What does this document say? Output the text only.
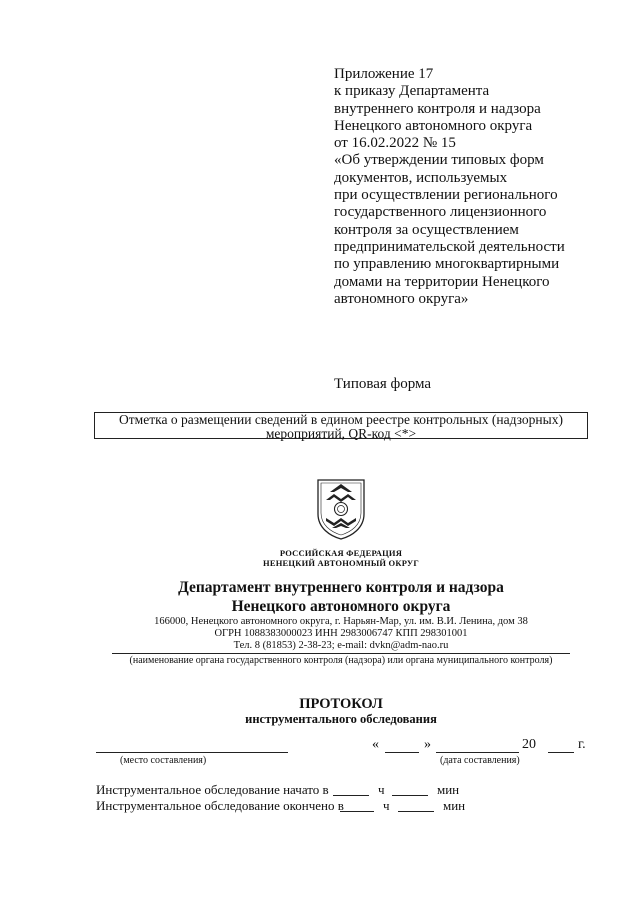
Приложение 17
к приказу Департамента
внутреннего контроля и надзора
Ненецкого автономного округа
от 16.02.2022 № 15
«Об утверждении типовых форм
документов, используемых
при осуществлении регионального
государственного лицензионного
контроля за осуществлением
предпринимательской деятельности
по управлению многоквартирными
домами на территории Ненецкого
автономного округа»
Типовая форма
Отметка о размещении сведений в едином реестре контрольных (надзорных)
мероприятий, QR-код <*>
РОССИЙСКАЯ ФЕДЕРАЦИЯ
НЕНЕЦКИЙ АВТОНОМНЫЙ ОКРУГ
Департамент внутреннего контроля и надзора
Ненецкого автономного округа
166000, Ненецкого автономного округа, г. Нарьян-Мар, ул. им. В.И. Ленина, дом 38
ОГРН 1088383000023 ИНН 2983006747 КПП 298301001
Тел. 8 (81853) 2-38-23; e-mail: dvkn@adm-nao.ru
(наименование органа государственного контроля (надзора) или органа муниципального контроля)
ПРОТОКОЛ
инструментального обследования
(место составления)
«	»	20	г.
(дата составления)
Инструментальное обследование начато в	ч	мин
Инструментальное обследование окончено в	ч	мин
